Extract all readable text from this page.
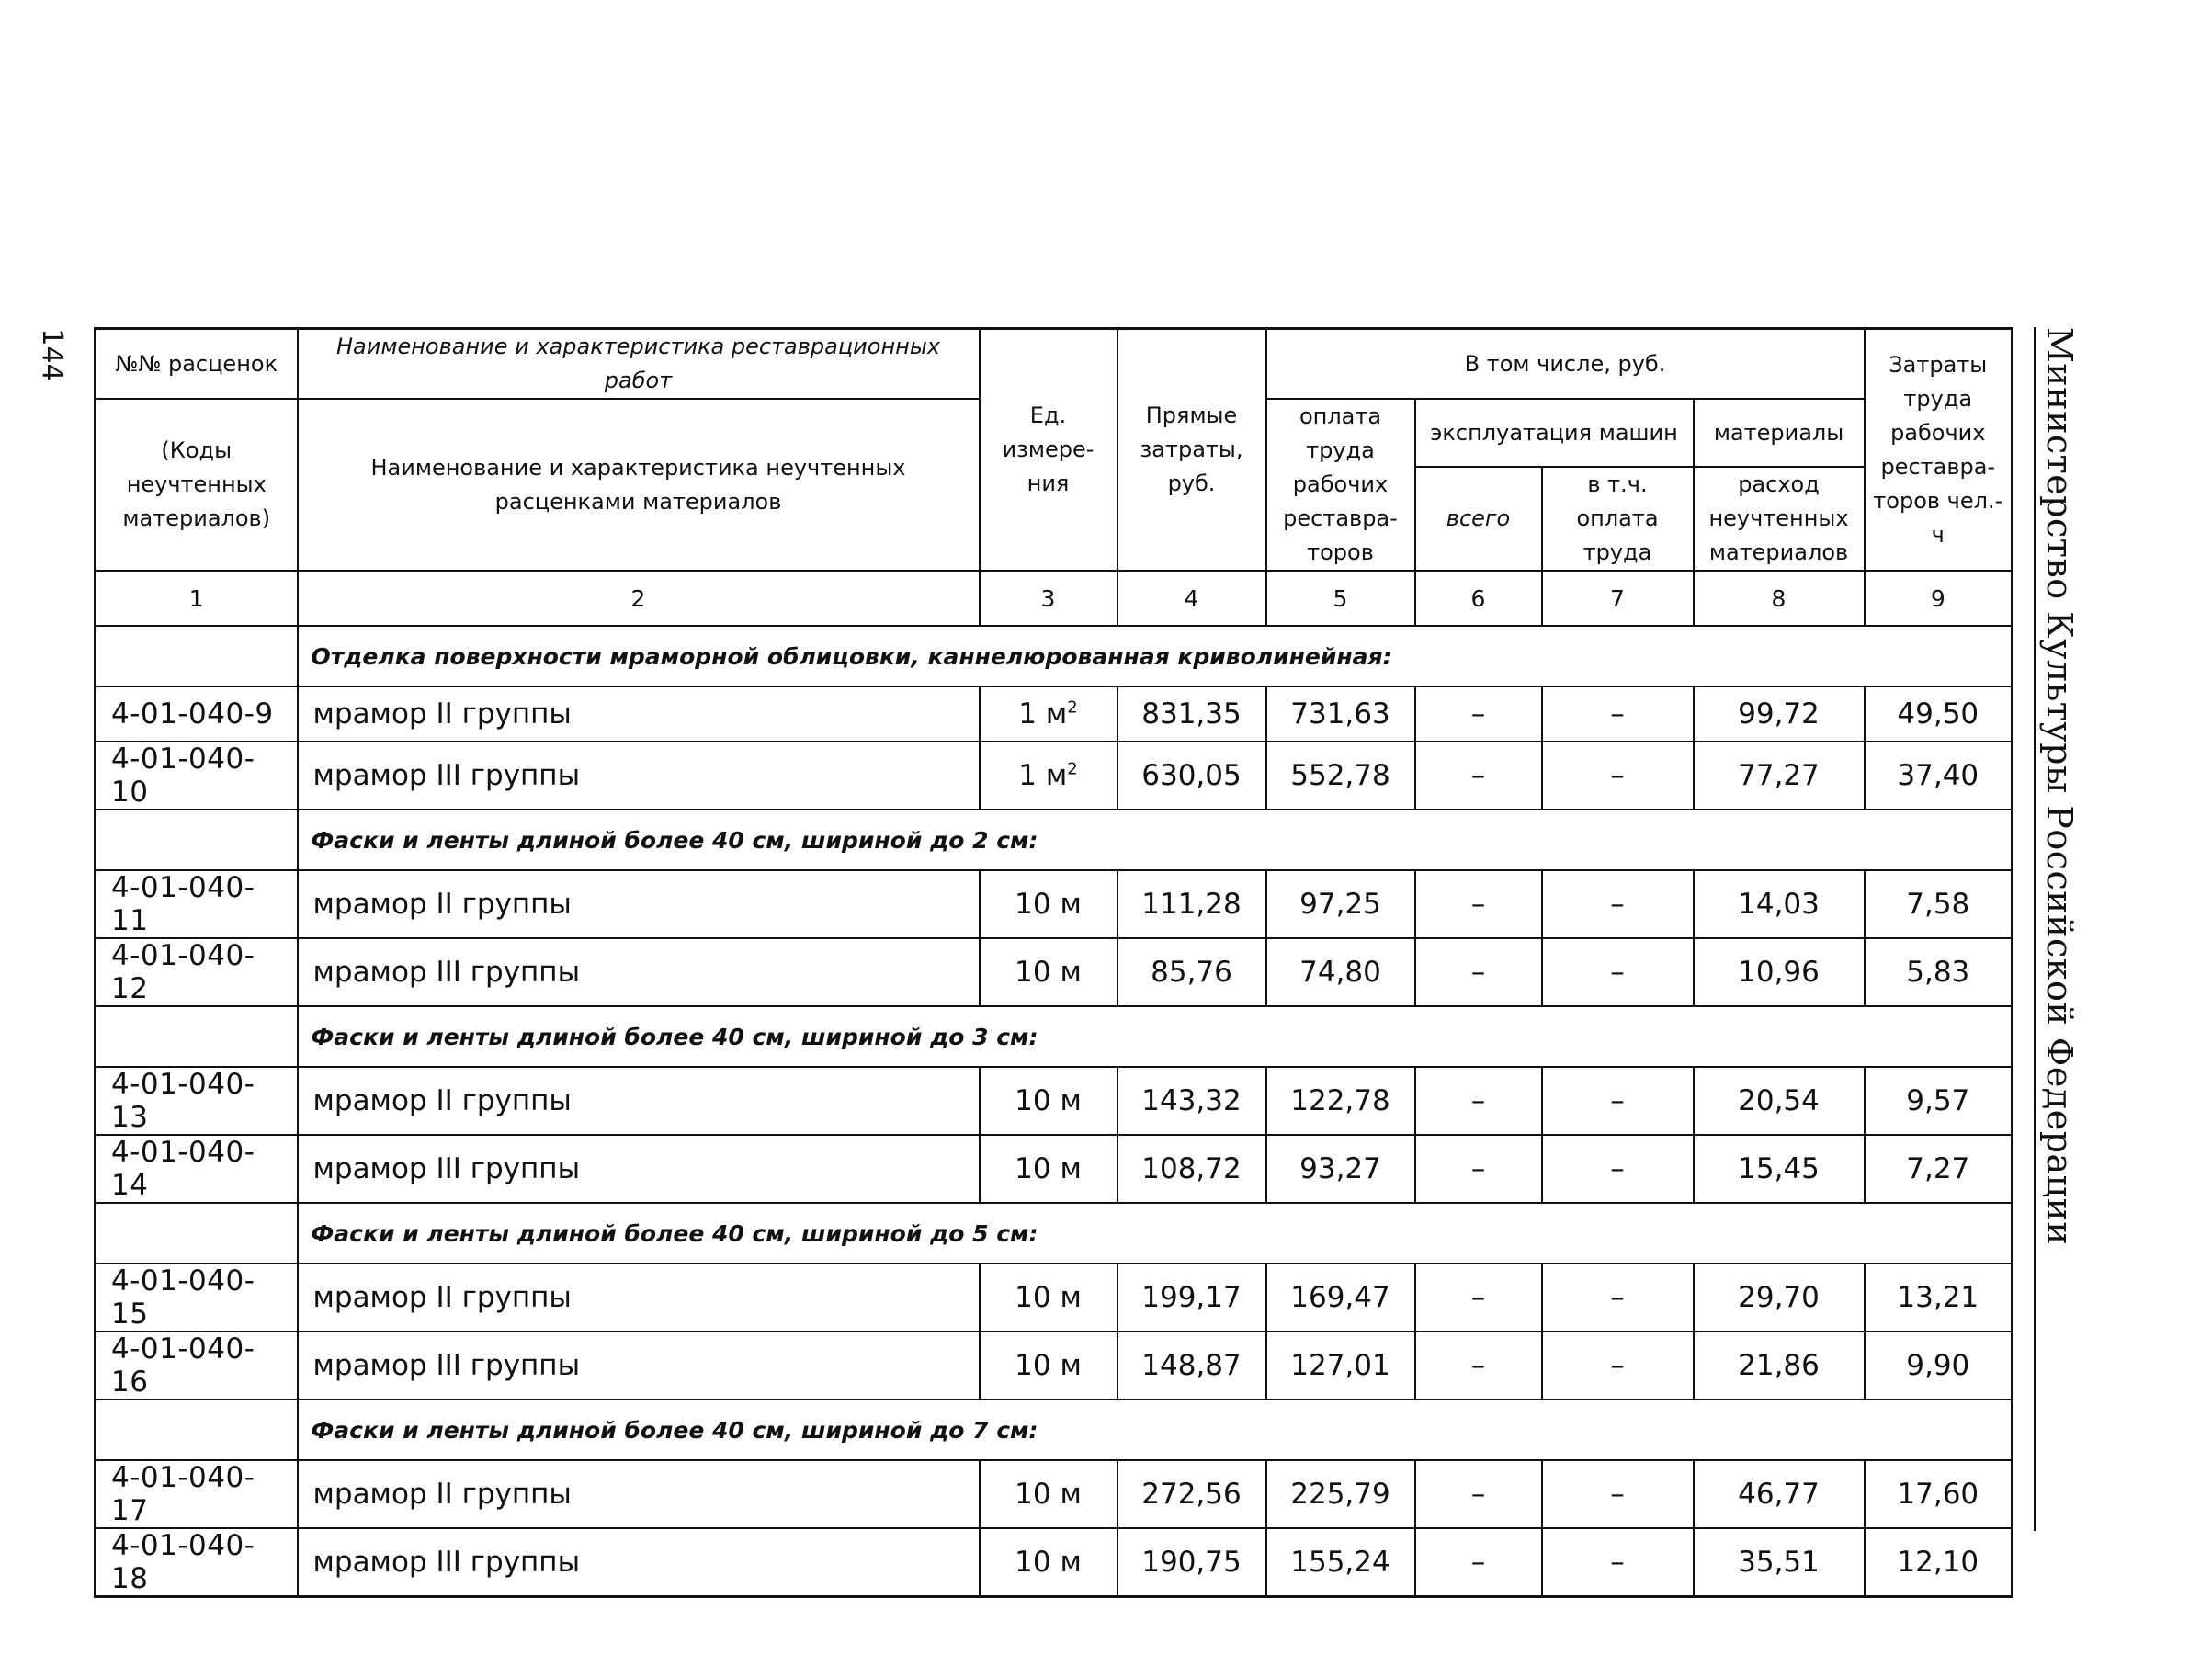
144	Министерство Культуры Российской Федерации
№№ расценок	Наименование и характеристика реставрационных работ	Ед. измере-ния	Прямые затраты, руб.	В том числе, руб.				Затраты труда рабочих реставра-торов чел.-ч
(Коды неучтенных материалов)	Наименование и характеристика неучтенных расценками материалов			оплата труда рабочих реставра-торов	эксплуатация машин		материалы	
					всего	в т.ч. оплата труда	расход неучтенных материалов	
1	2	3	4	5	6	7	8	9
	Отделка поверхности мраморной облицовки, каннелюрованная криволинейная:							
4-01-040-9	мрамор II группы	1 $м^2$	831,35	731,63	–	–	99,72	49,50
4-01-040-10	мрамор III группы	1 $м^2$	630,05	552,78	–	–	77,27	37,40
	Фаски и ленты длиной более 40 см, шириной до 2 см:							
4-01-040-11	мрамор II группы	10 м	111,28	97,25	–	–	14,03	7,58
4-01-040-12	мрамор III группы	10 м	85,76	74,80	–	–	10,96	5,83
	Фаски и ленты длиной более 40 см, шириной до 3 см:							
4-01-040-13	мрамор II группы	10 м	143,32	122,78	–	–	20,54	9,57
4-01-040-14	мрамор III группы	10 м	108,72	93,27	–	–	15,45	7,27
	Фаски и ленты длиной более 40 см, шириной до 5 см:							
4-01-040-15	мрамор II группы	10 м	199,17	169,47	–	–	29,70	13,21
4-01-040-16	мрамор III группы	10 м	148,87	127,01	–	–	21,86	9,90
	Фаски и ленты длиной более 40 см, шириной до 7 см:							
4-01-040-17	мрамор II группы	10 м	272,56	225,79	–	–	46,77	17,60
4-01-040-18	мрамор III группы	10 м	190,75	155,24	–	–	35,51	12,10
